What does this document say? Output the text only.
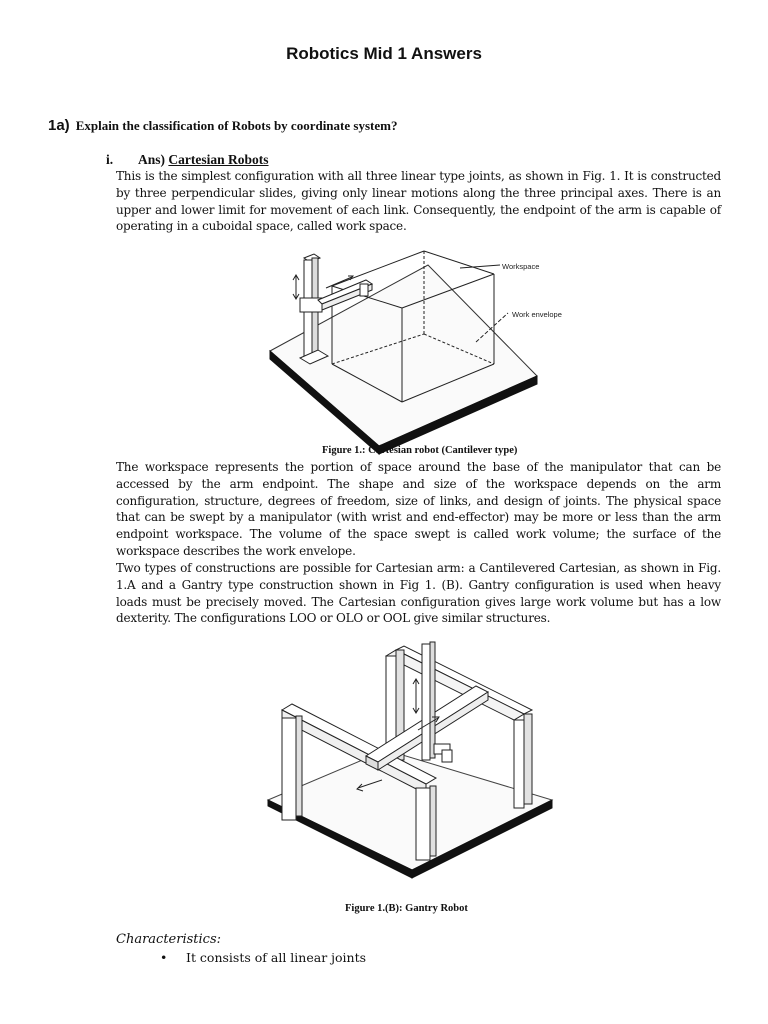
Robotics Mid 1 Answers
1a) Explain the classification of Robots by coordinate system?
i. Ans) Cartesian Robots
This is the simplest configuration with all three linear type joints, as shown in Fig. 1. It is constructed by three perpendicular slides, giving only linear motions along the three principal axes. There is an upper and lower limit for movement of each link. Consequently, the endpoint of the arm is capable of operating in a cuboidal space, called work space.
Workspace
Work envelope
Figure 1.: Cartesian robot (Cantilever type)
The workspace represents the portion of space around the base of the manipulator that can be accessed by the arm endpoint. The shape and size of the workspace depends on the arm configuration, structure, degrees of freedom, size of links, and design of joints. The physical space that can be swept by a manipulator (with wrist and end-effector) may be more or less than the arm endpoint workspace. The volume of the space swept is called work volume; the surface of the workspace describes the work envelope.
Two types of constructions are possible for Cartesian arm: a Cantilevered Cartesian, as shown in Fig. 1.A and a Gantry type construction shown in Fig 1. (B). Gantry configuration is used when heavy loads must be precisely moved. The Cartesian configuration gives large work volume but has a low dexterity. The configurations LOO or OLO or OOL give similar structures.
Figure 1.(B): Gantry Robot
Characteristics:
• It consists of all linear joints
